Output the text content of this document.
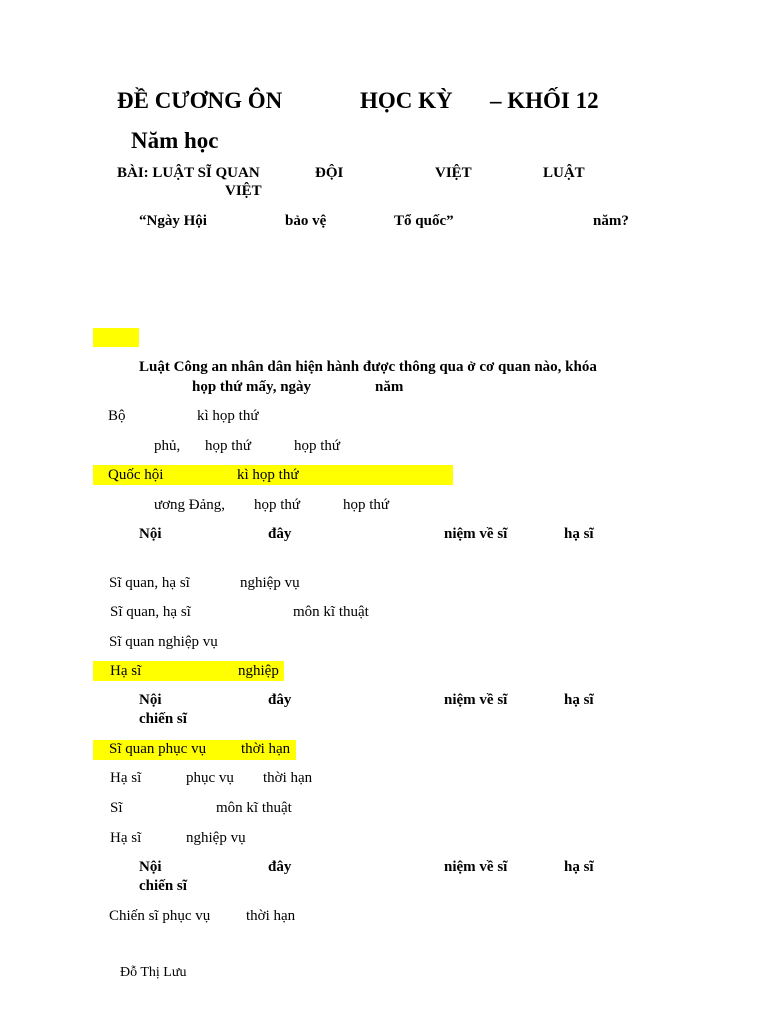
ĐỀ CƯƠNG ÔN	HỌC KỲ – KHỐI 12
Năm học
BÀI: LUẬT SĨ QUAN	ĐỘI	VIỆT	LUẬT
VIỆT
“Ngày Hội	bảo vệ	Tổ quốc”	năm?
Luật Công an nhân dân hiện hành được thông qua ở cơ quan nào, khóa
họp thứ mấy, ngày	năm
Bộ	kì họp thứ
phủ, họp thứ	họp thứ
Quốc hội	kì họp thứ
ương Đảng, họp thứ	họp thứ
Nội	đây	niệm về sĩ	hạ sĩ
Sĩ quan, hạ sĩ	nghiệp vụ
Sĩ quan, hạ sĩ	môn kĩ thuật
Sĩ quan nghiệp vụ
Hạ sĩ	nghiệp
Nội	đây	niệm về sĩ	hạ sĩ
chiến sĩ
Sĩ quan phục vụ thời hạn
Hạ sĩ	phục vụ thời hạn
Sĩ	môn kĩ thuật
Hạ sĩ	nghiệp vụ
Nội	đây	niệm về sĩ	hạ sĩ
chiến sĩ
Chiến sĩ phục vụ thời hạn
Đỗ Thị Lưu
